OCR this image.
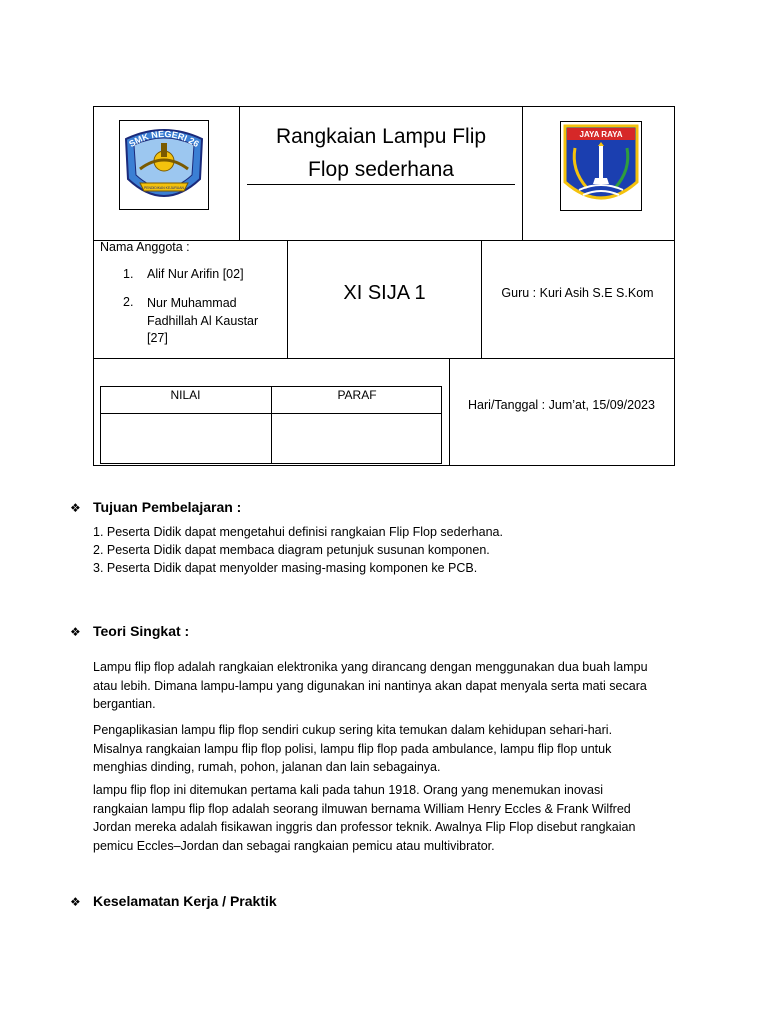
SMK NEGERI 26
PENDIDIKAN KEJURUAN
Rangkaian Lampu Flip
Flop sederhana
JAYA RAYA
Nama Anggota :
1. Alif Nur Arifin [02]
2. Nur Muhammad
Fadhillah Al Kaustar
[27]
XI SIJA 1	Guru : Kuri Asih S.E S.Kom
NILAI	PARAF
Hari/Tanggal : Jum’at, 15/09/2023
❖ Tujuan Pembelajaran :
1. Peserta Didik dapat mengetahui definisi rangkaian Flip Flop sederhana.
2. Peserta Didik dapat membaca diagram petunjuk susunan komponen.
3. Peserta Didik dapat menyolder masing-masing komponen ke PCB.
❖ Teori Singkat :
Lampu flip flop adalah rangkaian elektronika yang dirancang dengan menggunakan dua buah lampu
atau lebih. Dimana lampu-lampu yang digunakan ini nantinya akan dapat menyala serta mati secara
bergantian.
Pengaplikasian lampu flip flop sendiri cukup sering kita temukan dalam kehidupan sehari-hari.
Misalnya rangkaian lampu flip flop polisi, lampu flip flop pada ambulance, lampu flip flop untuk
menghias dinding, rumah, pohon, jalanan dan lain sebagainya.
lampu flip flop ini ditemukan pertama kali pada tahun 1918. Orang yang menemukan inovasi
rangkaian lampu flip flop adalah seorang ilmuwan bernama William Henry Eccles & Frank Wilfred
Jordan mereka adalah fisikawan inggris dan professor teknik. Awalnya Flip Flop disebut rangkaian
pemicu Eccles–Jordan dan sebagai rangkaian pemicu atau multivibrator.
❖ Keselamatan Kerja / Praktik
